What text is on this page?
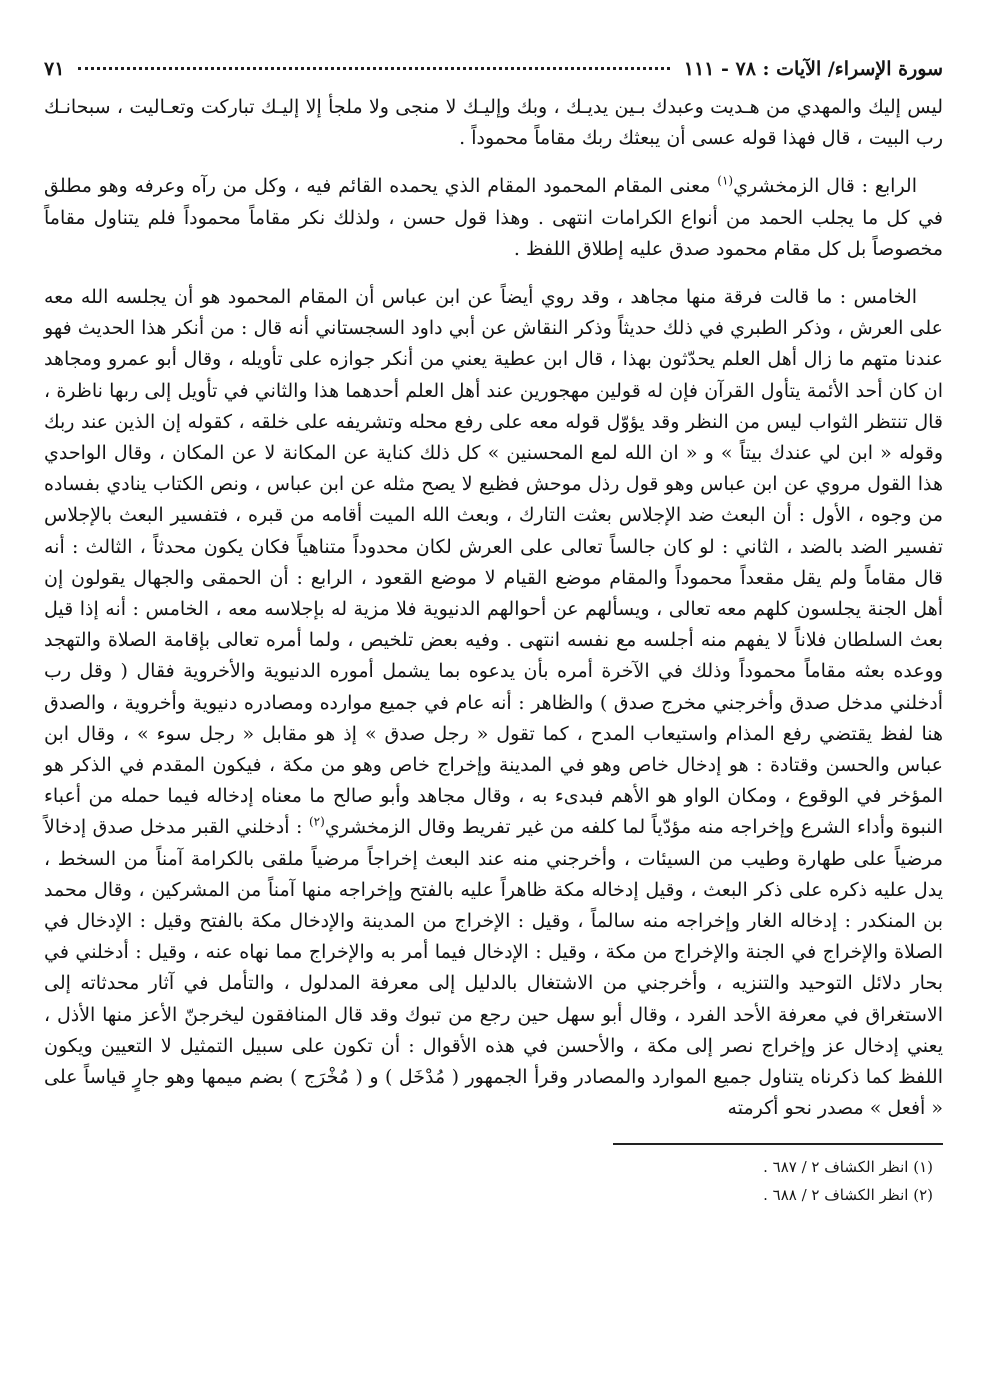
سورة الإسراء/ الآيات : ٧٨ - ١١١
٧١

ليس إليك والمهدي من هـديت وعبدك بـين يديـك ، وبك وإليـك لا منجى ولا ملجأ إلا إليـك تباركت وتعـاليت ، سبحانـك رب البيت ، قال فهذا قوله عسى أن يبعثك ربك مقاماً محموداً .

الرابع : قال الزمخشري$^{(١)}$ معنى المقام المحمود المقام الذي يحمده القائم فيه ، وكل من رآه وعرفه وهو مطلق في كل ما يجلب الحمد من أنواع الكرامات انتهى . وهذا قول حسن ، ولذلك نكر مقاماً محموداً فلم يتناول مقاماً مخصوصاً بل كل مقام محمود صدق عليه إطلاق اللفظ .

الخامس : ما قالت فرقة منها مجاهد ، وقد روي أيضاً عن ابن عباس أن المقام المحمود هو أن يجلسه الله معه على العرش ، وذكر الطبري في ذلك حديثاً وذكر النقاش عن أبي داود السجستاني أنه قال : من أنكر هذا الحديث فهو عندنا متهم ما زال أهل العلم يحدّثون بهذا ، قال ابن عطية يعني من أنكر جوازه على تأويله ، وقال أبو عمرو ومجاهد ان كان أحد الأئمة يتأول القرآن فإن له قولين مهجورين عند أهل العلم أحدهما هذا والثاني في تأويل إلى ربها ناظرة ، قال تنتظر الثواب ليس من النظر وقد يؤوّل قوله معه على رفع محله وتشريفه على خلقه ، كقوله إن الذين عند ربك وقوله « ابن لي عندك بيتاً » و « ان الله لمع المحسنين » كل ذلك كناية عن المكانة لا عن المكان ، وقال الواحدي هذا القول مروي عن ابن عباس وهو قول رذل موحش فظيع لا يصح مثله عن ابن عباس ، ونص الكتاب ينادي بفساده من وجوه ، الأول : أن البعث ضد الإجلاس بعثت التارك ، وبعث الله الميت أقامه من قبره ، فتفسير البعث بالإجلاس تفسير الضد بالضد ، الثاني : لو كان جالساً تعالى على العرش لكان محدوداً متناهياً فكان يكون محدثاً ، الثالث : أنه قال مقاماً ولم يقل مقعداً محموداً والمقام موضع القيام لا موضع القعود ، الرابع : أن الحمقى والجهال يقولون إن أهل الجنة يجلسون كلهم معه تعالى ، ويسألهم عن أحوالهم الدنيوية فلا مزية له بإجلاسه معه ، الخامس : أنه إذا قيل بعث السلطان فلاناً لا يفهم منه أجلسه مع نفسه انتهى . وفيه بعض تلخيص ، ولما أمره تعالى بإقامة الصلاة والتهجد ووعده بعثه مقاماً محموداً وذلك في الآخرة أمره بأن يدعوه بما يشمل أموره الدنيوية والأخروية فقال ( وقل رب أدخلني مدخل صدق وأخرجني مخرج صدق ) والظاهر : أنه عام في جميع موارده ومصادره دنيوية وأخروية ، والصدق هنا لفظ يقتضي رفع المذام واستيعاب المدح ، كما تقول « رجل صدق » إذ هو مقابل « رجل سوء » ، وقال ابن عباس والحسن وقتادة : هو إدخال خاص وهو في المدينة وإخراج خاص وهو من مكة ، فيكون المقدم في الذكر هو المؤخر في الوقوع ، ومكان الواو هو الأهم فبدىء به ، وقال مجاهد وأبو صالح ما معناه إدخاله فيما حمله من أعباء النبوة وأداء الشرع وإخراجه منه مؤدّياً لما كلفه من غير تفريط وقال الزمخشري$^{(٢)}$ : أدخلني القبر مدخل صدق إدخالاً مرضياً على طهارة وطيب من السيئات ، وأخرجني منه عند البعث إخراجاً مرضياً ملقى بالكرامة آمناً من السخط ، يدل عليه ذكره على ذكر البعث ، وقيل إدخاله مكة ظاهراً عليه بالفتح وإخراجه منها آمناً من المشركين ، وقال محمد بن المنكدر : إدخاله الغار وإخراجه منه سالماً ، وقيل : الإخراج من المدينة والإدخال مكة بالفتح وقيل : الإدخال في الصلاة والإخراج في الجنة والإخراج من مكة ، وقيل : الإدخال فيما أمر به والإخراج مما نهاه عنه ، وقيل : أدخلني في بحار دلائل التوحيد والتنزيه ، وأخرجني من الاشتغال بالدليل إلى معرفة المدلول ، والتأمل في آثار محدثاته إلى الاستغراق في معرفة الأحد الفرد ، وقال أبو سهل حين رجع من تبوك وقد قال المنافقون ليخرجنّ الأعز منها الأذل ، يعني إدخال عز وإخراج نصر إلى مكة ، والأحسن في هذه الأقوال : أن تكون على سبيل التمثيل لا التعيين ويكون اللفظ كما ذكرناه يتناول جميع الموارد والمصادر وقرأ الجمهور ( مُدْخَل ) و ( مُخْرَج ) بضم ميمها وهو جارٍ قياساً على « أفعل » مصدر نحو أكرمته

(١) انظر الكشاف ٢ / ٦٨٧ .
(٢) انظر الكشاف ٢ / ٦٨٨ .
